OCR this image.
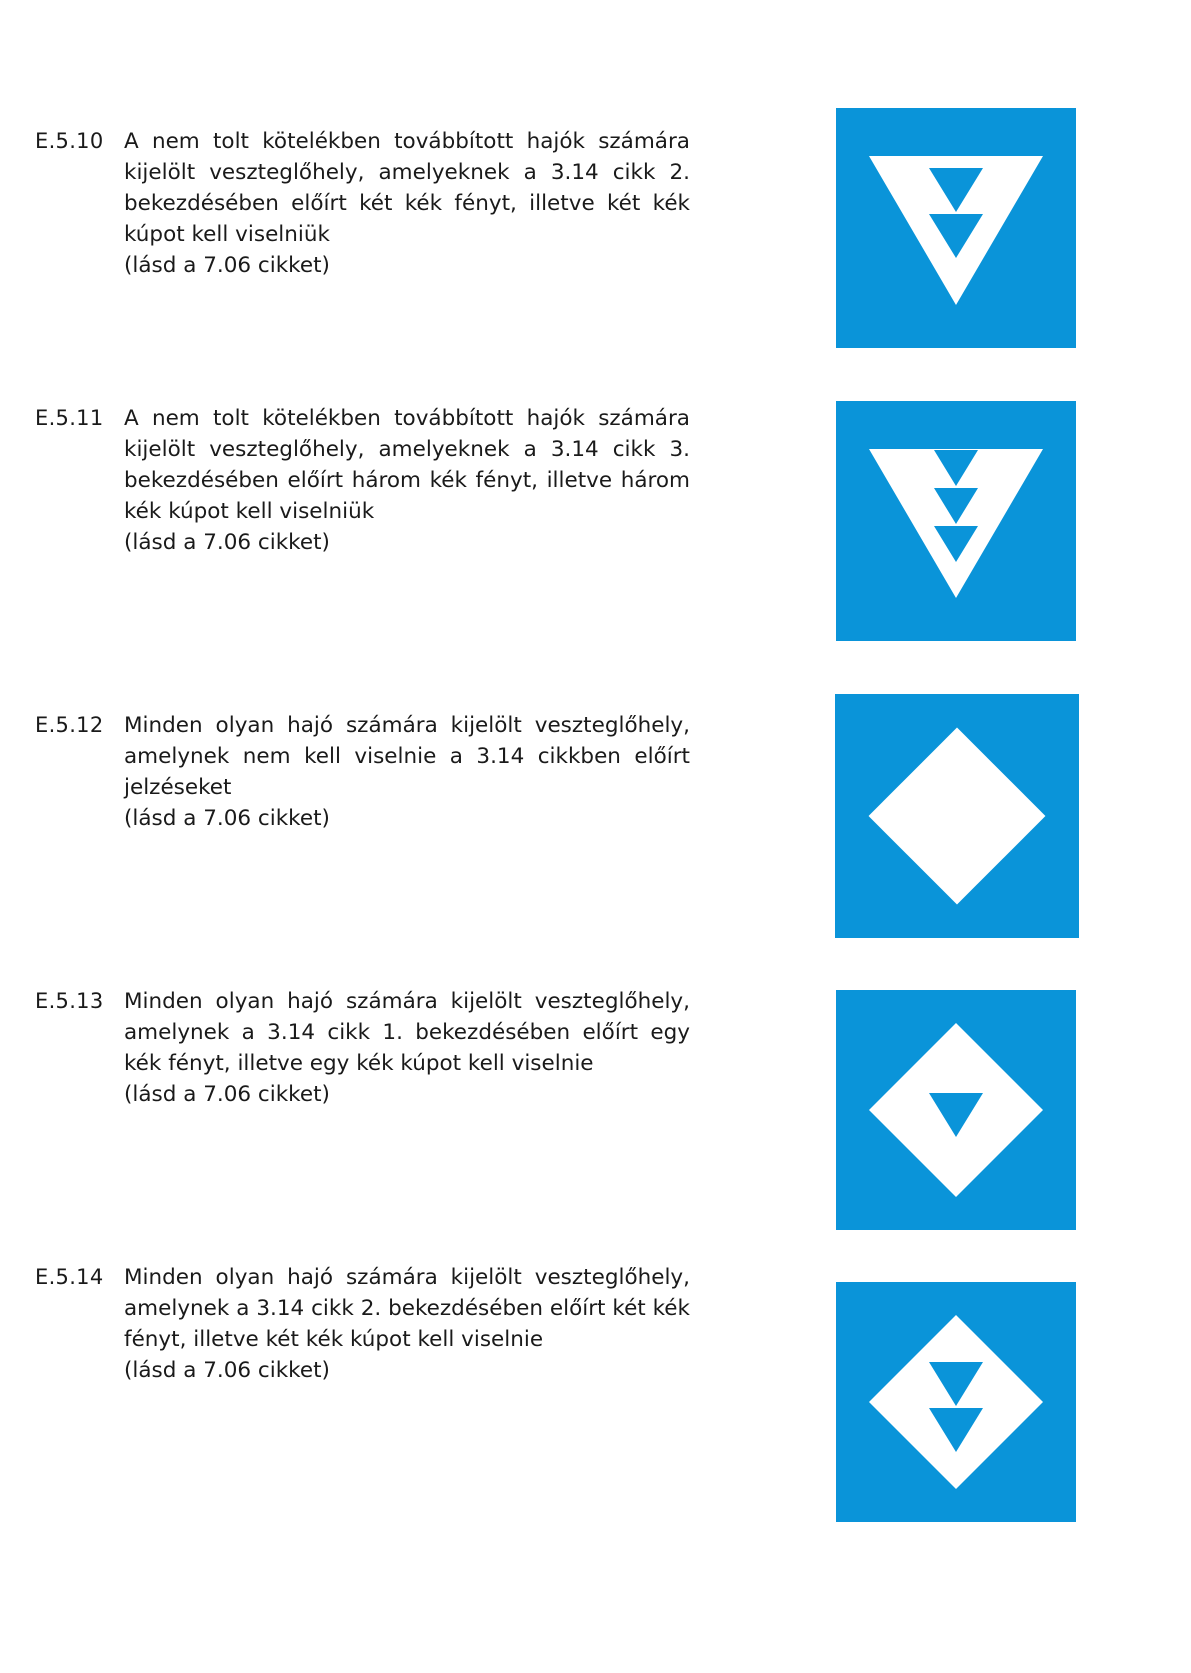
E.5.10 A nem tolt kötelékben továbbított hajók számára kijelölt veszteglőhely, amelyeknek a 3.14 cikk 2. bekezdésében előírt két kék fényt, illetve két kék kúpot kell viselniük

(lásd a 7.06 cikket)

E.5.11 A nem tolt kötelékben továbbított hajók számára kijelölt veszteglőhely, amelyeknek a 3.14 cikk 3. bekezdésében előírt három kék fényt, illetve három kék kúpot kell viselniük

(lásd a 7.06 cikket)

E.5.12 Minden olyan hajó számára kijelölt veszteglőhely, amelynek nem kell viselnie a 3.14 cikkben előírt jelzéseket

(lásd a 7.06 cikket)

E.5.13 Minden olyan hajó számára kijelölt veszteglőhely, amelynek a 3.14 cikk 1. bekezdésében előírt egy kék fényt, illetve egy kék kúpot kell viselnie

(lásd a 7.06 cikket)

E.5.14 Minden olyan hajó számára kijelölt veszteglőhely, amelynek a 3.14 cikk 2. bekezdésében előírt két kék fényt, illetve két kék kúpot kell viselnie

(lásd a 7.06 cikket)
